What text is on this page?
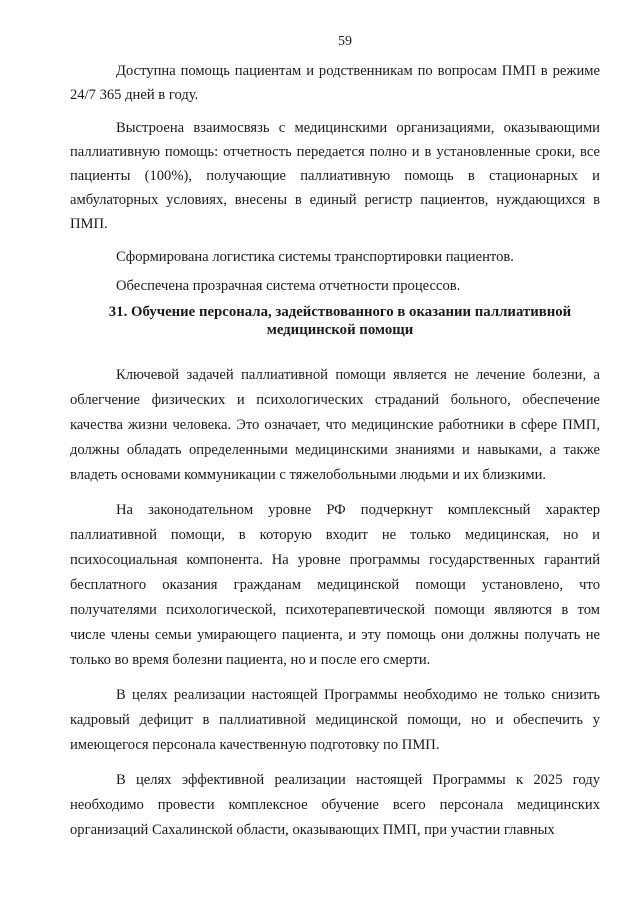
59

Доступна помощь пациентам и родственникам по вопросам ПМП в режиме 24/7 365 дней в году.

Выстроена взаимосвязь с медицинскими организациями, оказывающими паллиативную помощь: отчетность передается полно и в установленные сроки, все пациенты (100%), получающие паллиативную помощь в стационарных и амбулаторных условиях, внесены в единый регистр пациентов, нуждающихся в ПМП.

Сформирована логистика системы транспортировки пациентов.

Обеспечена прозрачная система отчетности процессов.

31. Обучение персонала, задействованного в оказании паллиативной медицинской помощи

Ключевой задачей паллиативной помощи является не лечение болезни, а облегчение физических и психологических страданий больного, обеспечение качества жизни человека. Это означает, что медицинские работники в сфере ПМП, должны обладать определенными медицинскими знаниями и навыками, а также владеть основами коммуникации с тяжелобольными людьми и их близкими.

На законодательном уровне РФ подчеркнут комплексный характер паллиативной помощи, в которую входит не только медицинская, но и психосоциальная компонента. На уровне программы государственных гарантий бесплатного оказания гражданам медицинской помощи установлено, что получателями психологической, психотерапевтической помощи являются в том числе члены семьи умирающего пациента, и эту помощь они должны получать не только во время болезни пациента, но и после его смерти.

В целях реализации настоящей Программы необходимо не только снизить кадровый дефицит в паллиативной медицинской помощи, но и обеспечить у имеющегося персонала качественную подготовку по ПМП.

В целях эффективной реализации настоящей Программы к 2025 году необходимо провести комплексное обучение всего персонала медицинских организаций Сахалинской области, оказывающих ПМП, при участии главных
